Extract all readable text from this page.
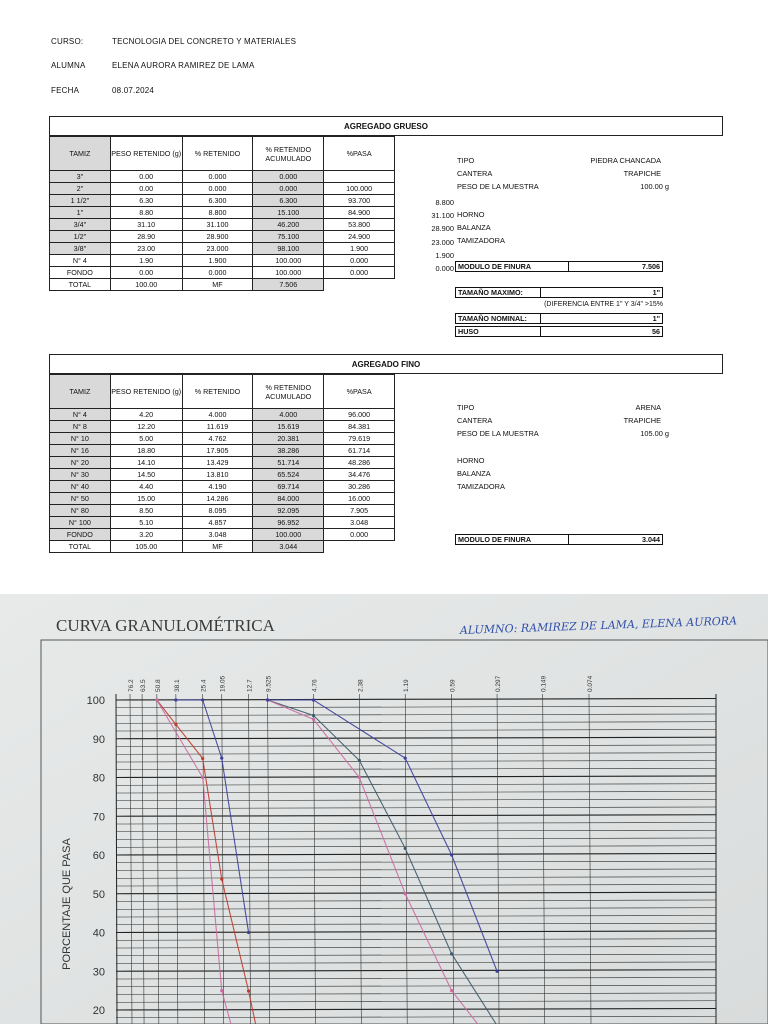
CURSO:	TECNOLOGIA DEL CONCRETO Y MATERIALES
ALUMNA	ELENA AURORA RAMIREZ DE LAMA
FECHA	08.07.2024
AGREGADO GRUESO
TAMIZ	PESO RETENIDO (g)	% RETENIDO	% RETENIDO ACUMULADO	%PASA
3"	0.00	0.000	0.000	
2"	0.00	0.000	0.000	100.000
1 1/2"	6.30	6.300	6.300	93.700
1"	8.80	8.800	15.100	84.900
3/4"	31.10	31.100	46.200	53.800
1/2"	28.90	28.900	75.100	24.900
3/8"	23.00	23.000	98.100	1.900
N° 4	1.90	1.900	100.000	0.000
FONDO	0.00	0.000	100.000	0.000
TOTAL	100.00	MF	7.506	
8.800
31.100
28.900
23.000
1.900
0.000
TIPO	PIEDRA CHANCADA
CANTERA	TRAPICHE
PESO DE LA MUESTRA	100.00 g
HORNO
BALANZA
TAMIZADORA
MODULO DE FINURA	7.506
TAMAÑO MAXIMO:	1"
(DIFERENCIA ENTRE 1" Y 3/4" >15%
TAMAÑO NOMINAL:	1"
HUSO	56
AGREGADO FINO
TAMIZ	PESO RETENIDO (g)	% RETENIDO	% RETENIDO ACUMULADO	%PASA
N° 4	4.20	4.000	4.000	96.000
N° 8	12.20	11.619	15.619	84.381
N° 10	5.00	4.762	20.381	79.619
N° 16	18.80	17.905	38.286	61.714
N° 20	14.10	13.429	51.714	48.286
N° 30	14.50	13.810	65.524	34.476
N° 40	4.40	4.190	69.714	30.286
N° 50	15.00	14.286	84.000	16.000
N° 80	8.50	8.095	92.095	7.905
N° 100	5.10	4.857	96.952	3.048
FONDO	3.20	3.048	100.000	0.000
TOTAL	105.00	MF	3.044	
TIPO	ARENA
CANTERA	TRAPICHE
PESO DE LA MUESTRA	105.00 g
HORNO
BALANZA
TAMIZADORA
MODULO DE FINURA	3.044
CURVA GRANULOMÉTRICA	ALUMNO: RAMIREZ DE LAMA, ELENA AURORA
PORCENTAJE QUE PASA
76.2 63.5 50.8 38.1	25.4 19.05	12.7 9.525	4.76	2.38	1.19	0.59	0.297	0.149	0.074
100
90
80
70
60
50
40
30
20
